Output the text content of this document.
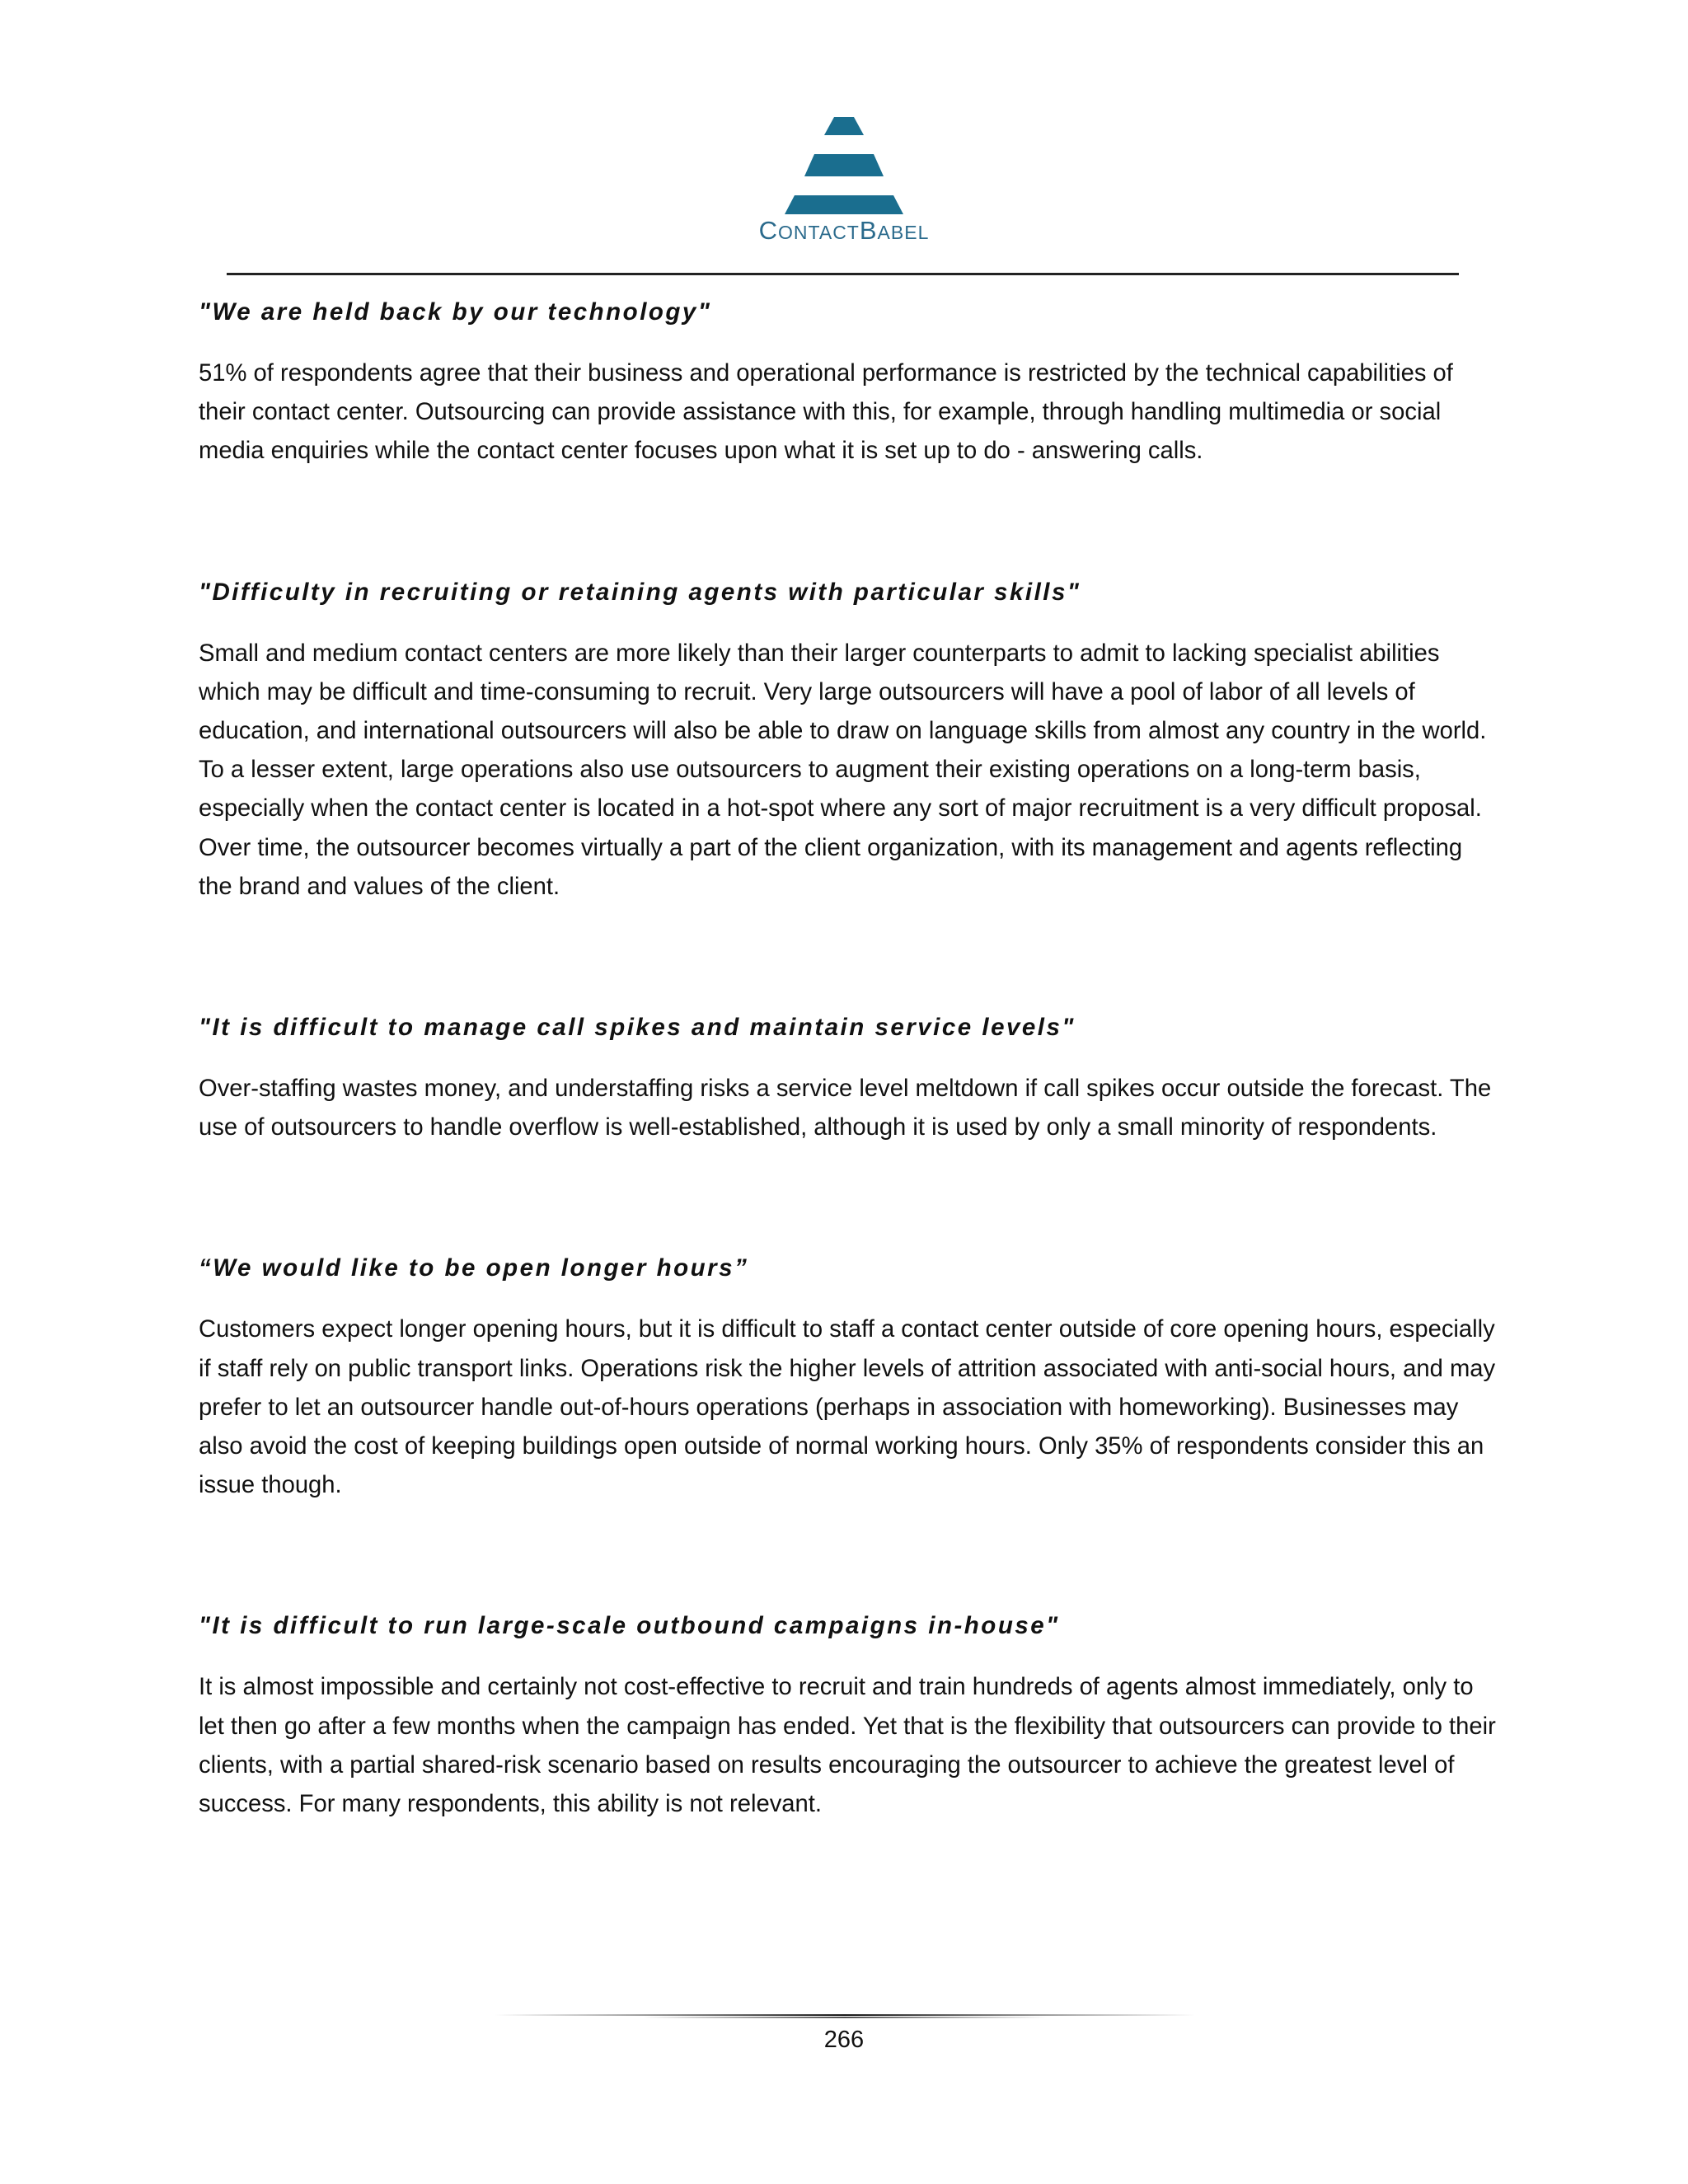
CONTACTBABEL

"We are held back by our technology"

51% of respondents agree that their business and operational performance is restricted by the technical capabilities of their contact center. Outsourcing can provide assistance with this, for example, through handling multimedia or social media enquiries while the contact center focuses upon what it is set up to do - answering calls.

"Difficulty in recruiting or retaining agents with particular skills"

Small and medium contact centers are more likely than their larger counterparts to admit to lacking specialist abilities which may be difficult and time-consuming to recruit. Very large outsourcers will have a pool of labor of all levels of education, and international outsourcers will also be able to draw on language skills from almost any country in the world. To a lesser extent, large operations also use outsourcers to augment their existing operations on a long-term basis, especially when the contact center is located in a hot-spot where any sort of major recruitment is a very difficult proposal. Over time, the outsourcer becomes virtually a part of the client organization, with its management and agents reflecting the brand and values of the client.

"It is difficult to manage call spikes and maintain service levels"

Over-staffing wastes money, and understaffing risks a service level meltdown if call spikes occur outside the forecast. The use of outsourcers to handle overflow is well-established, although it is used by only a small minority of respondents.

“We would like to be open longer hours”

Customers expect longer opening hours, but it is difficult to staff a contact center outside of core opening hours, especially if staff rely on public transport links. Operations risk the higher levels of attrition associated with anti-social hours, and may prefer to let an outsourcer handle out-of-hours operations (perhaps in association with homeworking). Businesses may also avoid the cost of keeping buildings open outside of normal working hours. Only 35% of respondents consider this an issue though.

"It is difficult to run large-scale outbound campaigns in-house"

It is almost impossible and certainly not cost-effective to recruit and train hundreds of agents almost immediately, only to let then go after a few months when the campaign has ended. Yet that is the flexibility that outsourcers can provide to their clients, with a partial shared-risk scenario based on results encouraging the outsourcer to achieve the greatest level of success. For many respondents, this ability is not relevant.

266
